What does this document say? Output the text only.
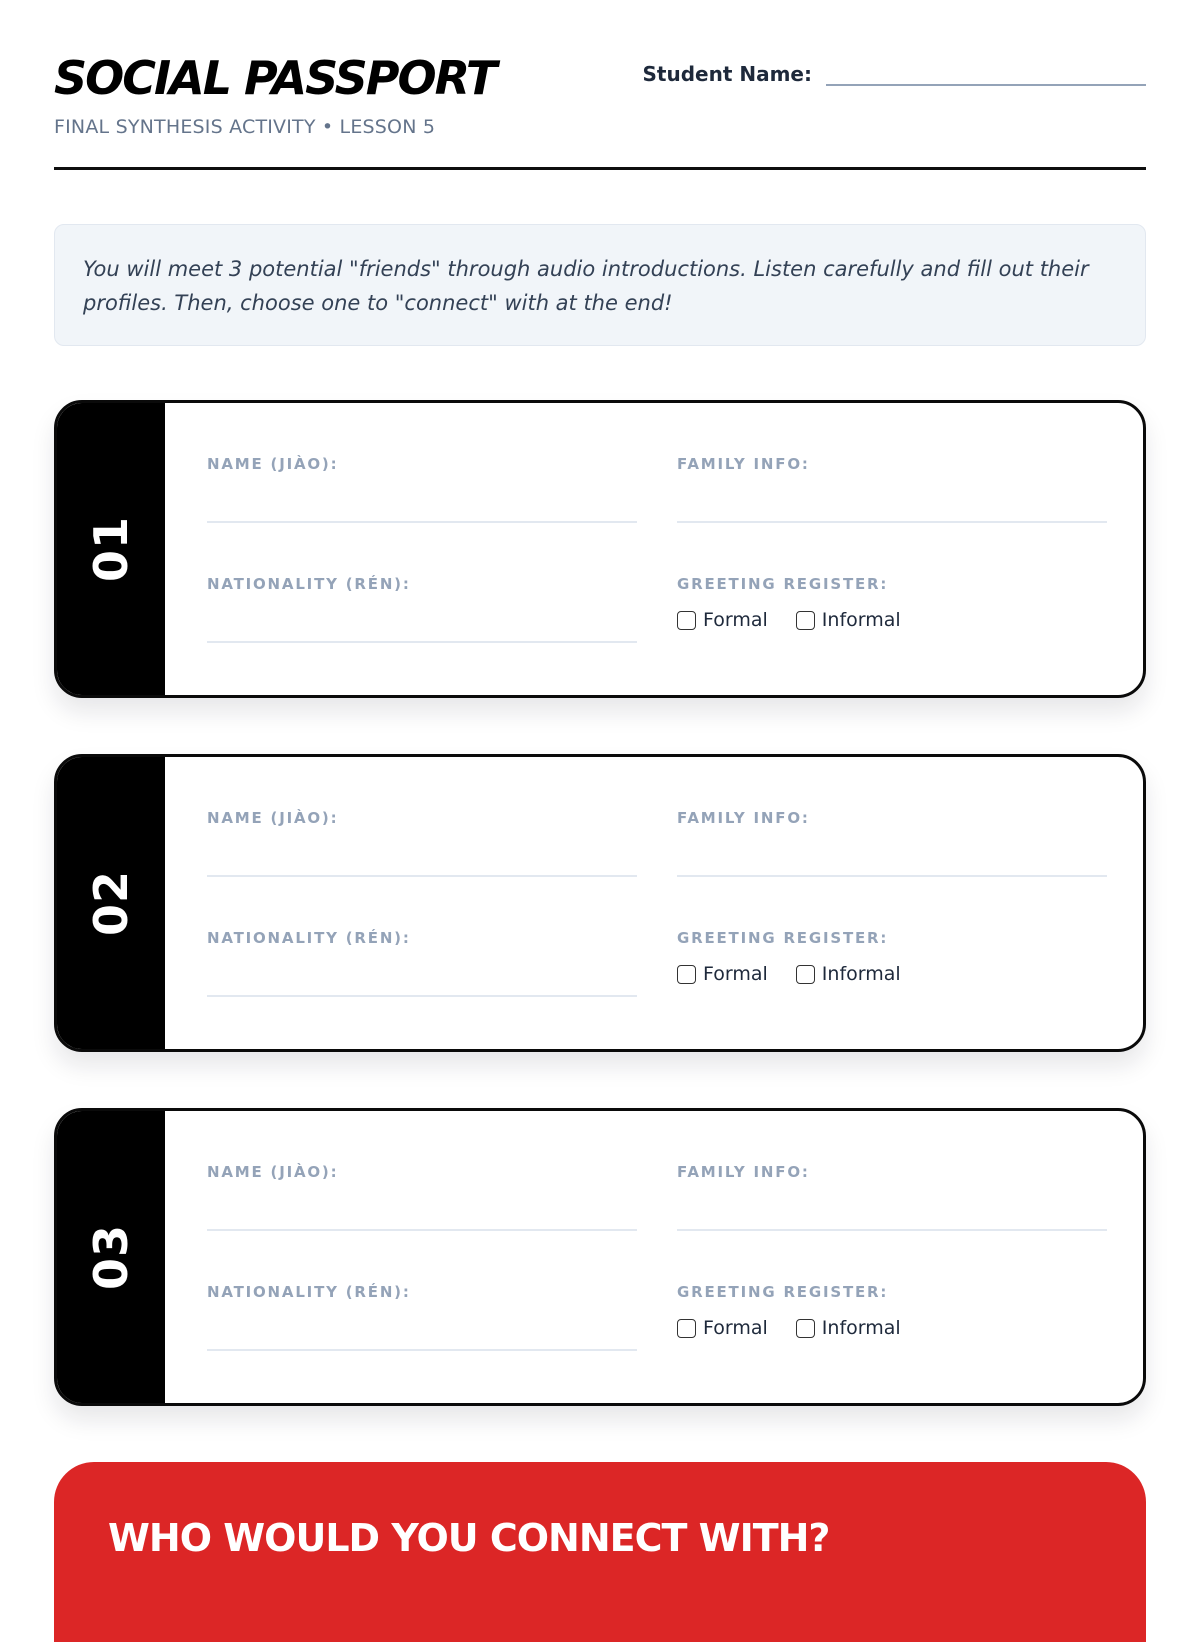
SOCIAL PASSPORT
FINAL SYNTHESIS ACTIVITY • LESSON 5
Student Name:
You will meet 3 potential "friends" through audio introductions. Listen carefully and fill out their profiles. Then, choose one to "connect" with at the end!
01
NAME (JIÀO):	FAMILY INFO:
NATIONALITY (RÉN):	GREETING REGISTER:
Formal	Informal
02
NAME (JIÀO):	FAMILY INFO:
NATIONALITY (RÉN):	GREETING REGISTER:
Formal	Informal
03
NAME (JIÀO):	FAMILY INFO:
NATIONALITY (RÉN):	GREETING REGISTER:
Formal	Informal
WHO WOULD YOU CONNECT WITH?
